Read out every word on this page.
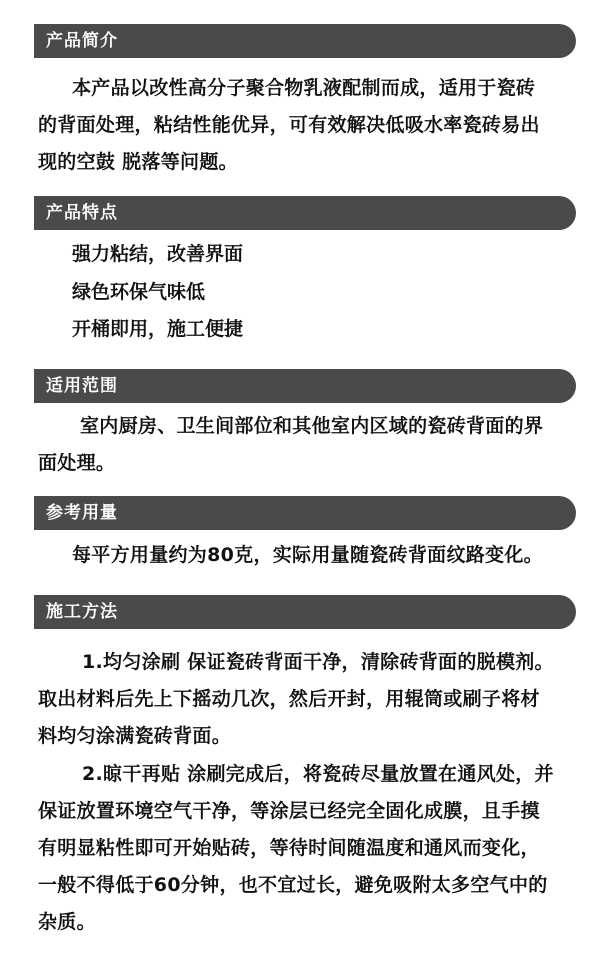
产品简介
本产品以改性高分子聚合物乳液配制而成，适用于瓷砖
的背面处理，粘结性能优异，可有效解决低吸水率瓷砖易出
现的空鼓 脱落等问题。
产品特点
强力粘结，改善界面
绿色环保气味低
开桶即用，施工便捷
适用范围
室内厨房、卫生间部位和其他室内区域的瓷砖背面的界
面处理。
参考用量
每平方用量约为80克，实际用量随瓷砖背面纹路变化。
施工方法
1.均匀涂刷 保证瓷砖背面干净，清除砖背面的脱模剂。
取出材料后先上下摇动几次，然后开封，用辊筒或刷子将材
料均匀涂满瓷砖背面。
2.晾干再贴 涂刷完成后，将瓷砖尽量放置在通风处，并
保证放置环境空气干净，等涂层已经完全固化成膜，且手摸
有明显粘性即可开始贴砖，等待时间随温度和通风而变化，
一般不得低于60分钟，也不宜过长，避免吸附太多空气中的
杂质。
